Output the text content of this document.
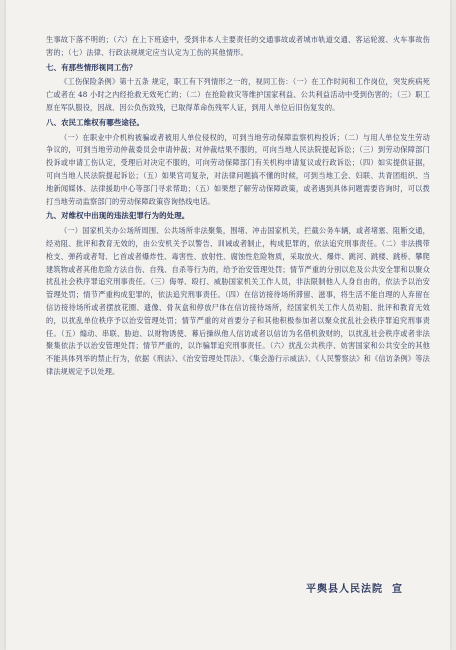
生事故下落不明的；（六）在上下班途中，受到非本人主要责任的交通事故或者城市轨道交通、客运轮渡、火车事故伤害的；（七）法律、行政法规规定应当认定为工伤的其他情形。

七、有那些情形视同工伤？

《工伤保险条例》第十五条 规定，职工有下列情形之一的，视同工伤：（一）在工作时间和工作岗位，突发疾病死亡或者在 48 小时之内经抢救无效死亡的；（二）在抢险救灾等维护国家利益、公共利益活动中受到伤害的；（三）职工原在军队服役，因战、因公负伤致残，已取得革命伤残军人证，到用人单位后旧伤复发的。

八、农民工维权有哪些途径。

（一）在职业中介机构被骗或者被用人单位侵权的，可到当地劳动保障监察机构投诉；（二）与用人单位发生劳动争议的，可到当地劳动仲裁委员会申请仲裁；对仲裁结果不服的，可向当地人民法院提起诉讼；（三）到劳动保障部门投诉或申请工伤认定，受理后对决定不服的，可向劳动保障部门有关机构申请复议或行政诉讼；（四）如实提供证据，可向当地人民法院提起诉讼；（五）如果官司复杂，对法律问题搞不懂的时候，可到当地工会、妇联、共青团组织、当地新闻媒体、法律援助中心等部门寻求帮助；（五）如果想了解劳动保障政策，或者遇到具体问题需要咨询时，可以拨打当地劳动监察部门的劳动保障政策咨询热线电话。

九、对维权中出现的违法犯罪行为的处理。

（一）国家机关办公场所周围、公共场所非法聚集，围堵、冲击国家机关，拦截公务车辆，或者堵塞、阻断交通，经劝阻、批评和教育无效的，由公安机关予以警告、训诫或者制止，构成犯罪的，依法追究刑事责任。（二）非法携带枪支、弹药或者弩、匕首或者爆炸性、毒害性、放射性、腐蚀性危险物质，采取放火、爆炸、跳河、跳楼、跳桥、攀爬建筑物或者其他危险方法自伤、自残、自杀等行为的，给予治安管理处罚；情节严重的分别以危及公共安全罪和以聚众扰乱社会秩序罪追究刑事责任。（三）侮辱、殴打、威胁国家机关工作人员，非法限制他人人身自由的，依法予以治安管理处罚；情节严重构成犯罪的，依法追究刑事责任。（四）在信访接待场所滞留、滋事，将生活不能自理的人弃留在信访接待场所或者摆放花圈、遗像、骨灰盒和停放尸体在信访接待场所，经国家机关工作人员劝阻、批评和教育无效的，以扰乱单位秩序予以治安管理处罚；情节严重的对首要分子和其他积极参加者以聚众扰乱社会秩序罪追究刑事责任。（五）煽动、串联、胁迫、以财物诱使、幕后操纵他人信访或者以信访为名借机敛财的，以扰乱社会秩序或者非法聚集依法予以治安管理处罚；情节严重的，以诈骗罪追究刑事责任。（六）扰乱公共秩序、妨害国家和公共安全的其他不能具体列举的禁止行为，依据《刑法》、《治安管理处罚法》、《集会游行示威法》、《人民警察法》和《信访条例》等法律法规规定予以处理。

平舆县人民法院  宣
